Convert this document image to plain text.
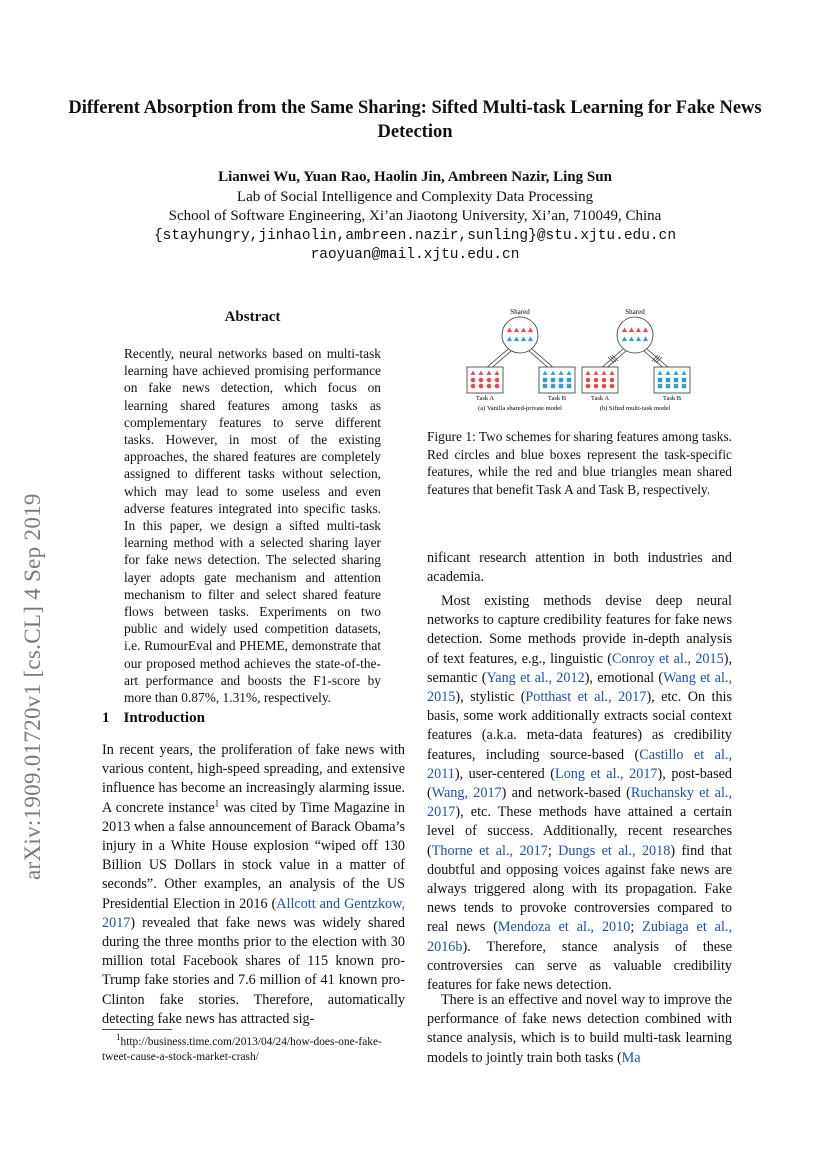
Different Absorption from the Same Sharing: Sifted Multi-task Learning for Fake News Detection
Lianwei Wu, Yuan Rao, Haolin Jin, Ambreen Nazir, Ling Sun
Lab of Social Intelligence and Complexity Data Processing
School of Software Engineering, Xi’an Jiaotong University, Xi’an, 710049, China
{stayhungry,jinhaolin,ambreen.nazir,sunling}@stu.xjtu.edu.cn
raoyuan@mail.xjtu.edu.cn
arXiv:1909.01720v1 [cs.CL] 4 Sep 2019
Abstract

Recently, neural networks based on multi-task learning have achieved promising performance on fake news detection, which focus on learning shared features among tasks as complementary features to serve different tasks. However, in most of the existing approaches, the shared features are completely assigned to different tasks without selection, which may lead to some useless and even adverse features integrated into specific tasks. In this paper, we design a sifted multi-task learning method with a selected sharing layer for fake news detection. The selected sharing layer adopts gate mechanism and attention mechanism to filter and select shared feature flows between tasks. Experiments on two public and widely used competition datasets, i.e. RumourEval and PHEME, demonstrate that our proposed method achieves the state-of-the-art performance and boosts the F1-score by more than 0.87%, 1.31%, respectively.

1 Introduction

In recent years, the proliferation of fake news with various content, high-speed spreading, and extensive influence has become an increasingly alarming issue. A concrete instance$^1$ was cited by Time Magazine in 2013 when a false announcement of Barack Obama’s injury in a White House explosion “wiped off 130 Billion US Dollars in stock value in a matter of seconds”. Other examples, an analysis of the US Presidential Election in 2016 (Allcott and Gentzkow, 2017) revealed that fake news was widely shared during the three months prior to the election with 30 million total Facebook shares of 115 known pro-Trump fake stories and 7.6 million of 41 known pro-Clinton fake stories. Therefore, automatically detecting fake news has attracted sig-

$^1$http://business.time.com/2013/04/24/how-does-one-fake-tweet-cause-a-stock-market-crash/

Shared
Task A	Task B
(a) Vanilla shared-private model
Shared
Task A	Task B
(b) Sifted multi-task model

Figure 1: Two schemes for sharing features among tasks. Red circles and blue boxes represent the task-specific features, while the red and blue triangles mean shared features that benefit Task A and Task B, respectively.

nificant research attention in both industries and academia.

Most existing methods devise deep neural networks to capture credibility features for fake news detection. Some methods provide in-depth analysis of text features, e.g., linguistic (Conroy et al., 2015), semantic (Yang et al., 2012), emotional (Wang et al., 2015), stylistic (Potthast et al., 2017), etc. On this basis, some work additionally extracts social context features (a.k.a. meta-data features) as credibility features, including source-based (Castillo et al., 2011), user-centered (Long et al., 2017), post-based (Wang, 2017) and network-based (Ruchansky et al., 2017), etc. These methods have attained a certain level of success. Additionally, recent researches (Thorne et al., 2017; Dungs et al., 2018) find that doubtful and opposing voices against fake news are always triggered along with its propagation. Fake news tends to provoke controversies compared to real news (Mendoza et al., 2010; Zubiaga et al., 2016b). Therefore, stance analysis of these controversies can serve as valuable credibility features for fake news detection.

There is an effective and novel way to improve the performance of fake news detection combined with stance analysis, which is to build multi-task learning models to jointly train both tasks (Ma
